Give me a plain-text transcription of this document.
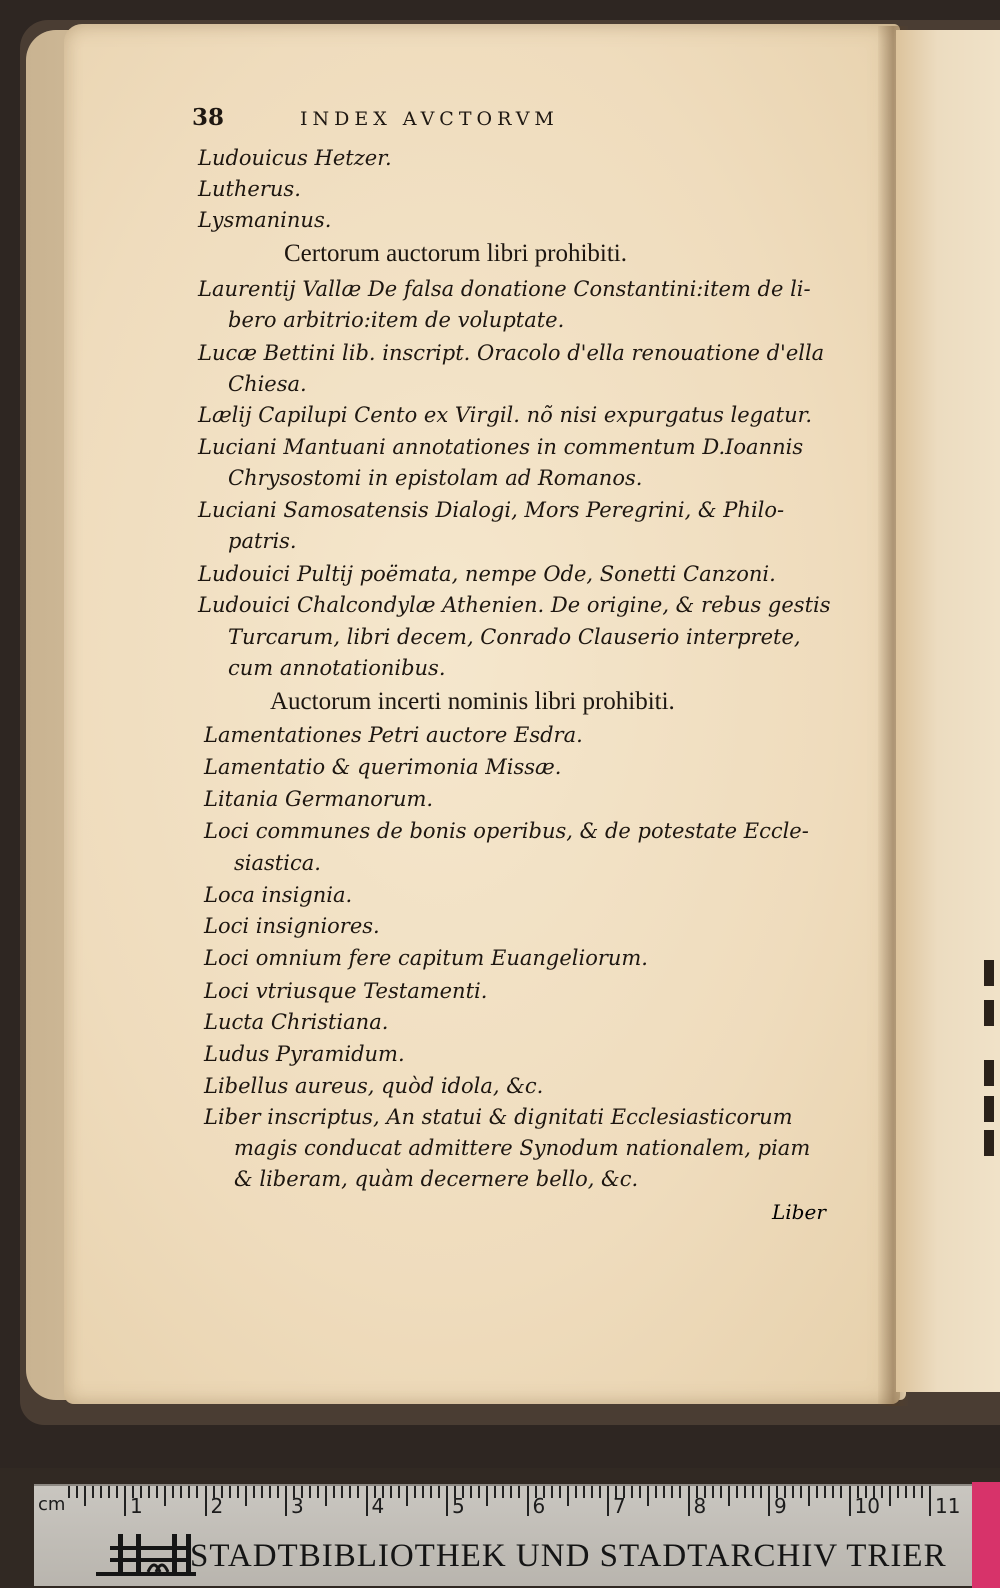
38	INDEX AVCTORVM
Ludouicus Hetzer.
Lutherus.
Lysmaninus.
Certorum auctorum libri prohibiti.
Laurentij Vallæ De falsa donatione Constantini:item de li-
bero arbitrio:item de voluptate.
Lucæ Bettini lib. inscript. Oracolo d'ella renouatione d'ella
Chiesa.
Lælij Capilupi Cento ex Virgil. nõ nisi expurgatus legatur.
Luciani Mantuani annotationes in commentum D.Ioannis
Chrysostomi in epistolam ad Romanos.
Luciani Samosatensis Dialogi, Mors Peregrini, & Philo-
patris.
Ludouici Pultij poëmata, nempe Ode, Sonetti Canzoni.
Ludouici Chalcondylæ Athenien. De origine, & rebus gestis
Turcarum, libri decem, Conrado Clauserio interprete,
cum annotationibus.
Auctorum incerti nominis libri prohibiti.
Lamentationes Petri auctore Esdra.
Lamentatio & querimonia Missæ.
Litania Germanorum.
Loci communes de bonis operibus, & de potestate Eccle-
siastica.
Loca insignia.
Loci insigniores.
Loci omnium fere capitum Euangeliorum.
Loci vtriusque Testamenti.
Lucta Christiana.
Ludus Pyramidum.
Libellus aureus, quòd idola, &c.
Liber inscriptus, An statui & dignitati Ecclesiasticorum
magis conducat admittere Synodum nationalem, piam
& liberam, quàm decernere bello, &c.
Liber
cm
STADTBIBLIOTHEK UND STADTARCHIV TRIER
1	2	3	4	5	6	7	8	9	10	11
